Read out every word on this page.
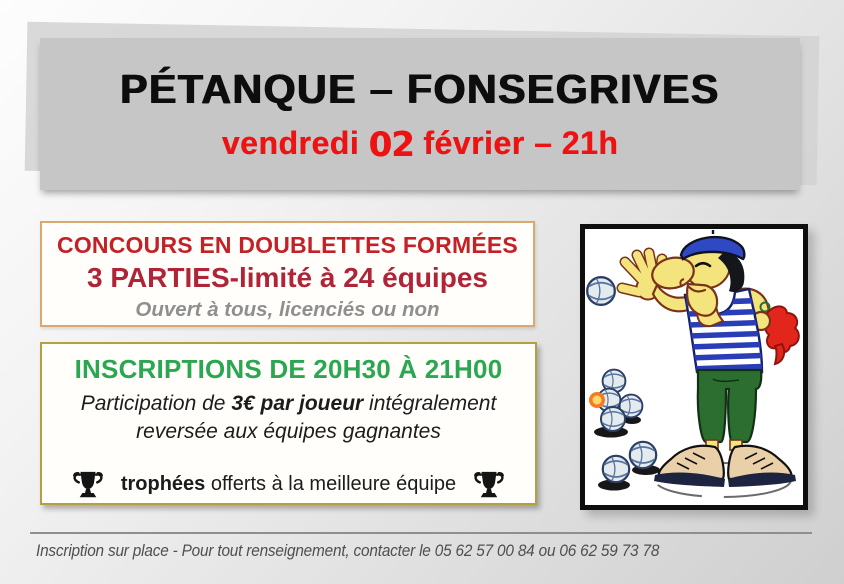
PÉTANQUE – FONSEGRIVES
vendredi 02 février – 21h
CONCOURS EN DOUBLETTES FORMÉES
3 PARTIES-limité à 24 équipes
Ouvert à tous, licenciés ou non
INSCRIPTIONS DE 20H30 À 21H00
Participation de 3€ par joueur intégralement
reversée aux équipes gagnantes
trophées offerts à la meilleure équipe
Inscription sur place - Pour tout renseignement, contacter le 05 62 57 00 84 ou 06 62 59 73 78
